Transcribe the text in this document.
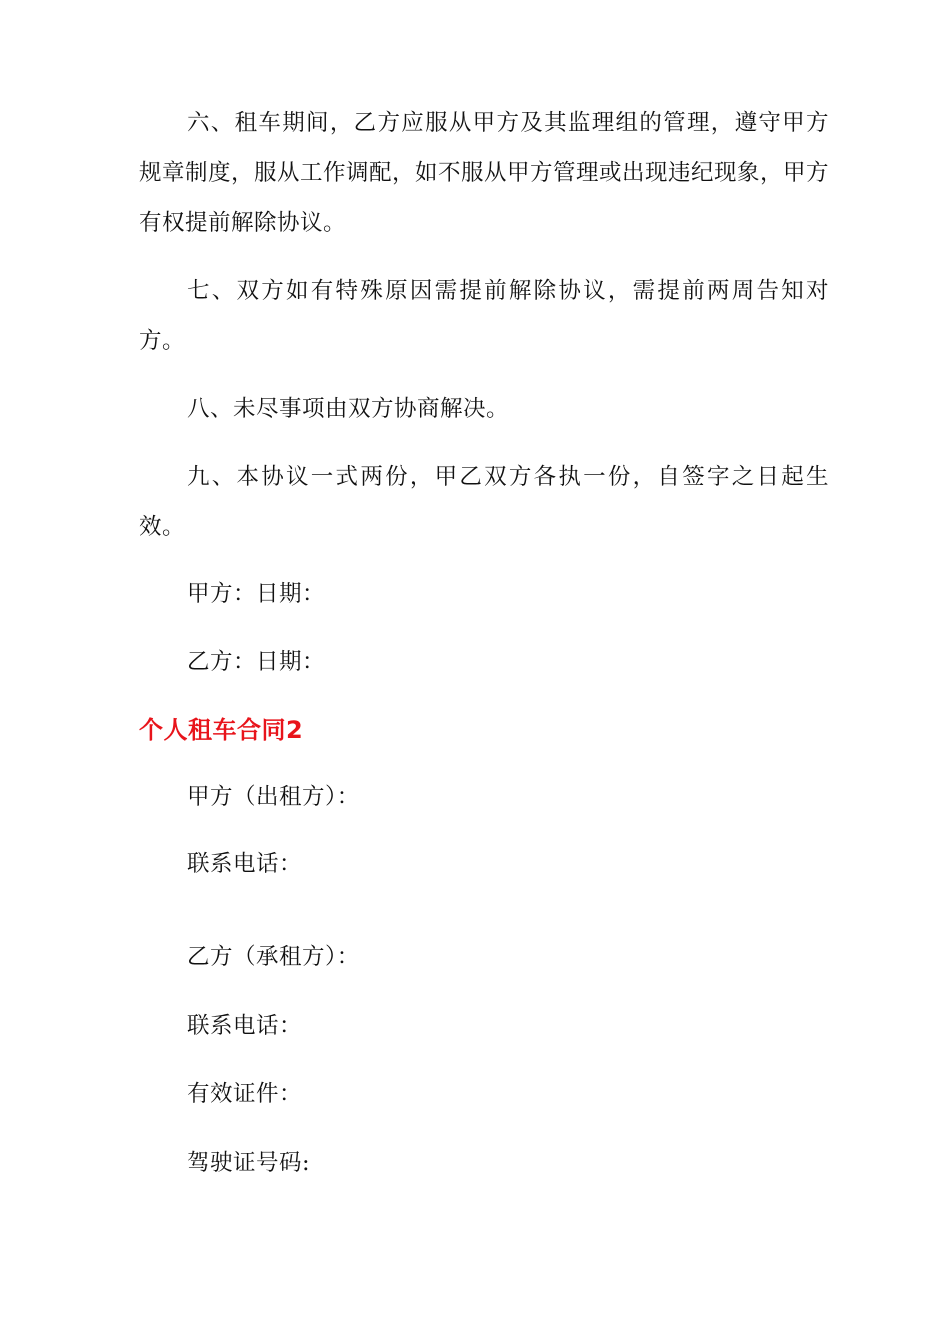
六、租车期间，乙方应服从甲方及其监理组的管理，遵守甲方规章制度，服从工作调配，如不服从甲方管理或出现违纪现象，甲方有权提前解除协议。

七、双方如有特殊原因需提前解除协议，需提前两周告知对方。

八、未尽事项由双方协商解决。

九、本协议一式两份，甲乙双方各执一份，自签字之日起生效。

甲方：日期：

乙方：日期：

个人租车合同2

甲方（出租方）：

联系电话：

乙方（承租方）：

联系电话：

有效证件：

驾驶证号码:
